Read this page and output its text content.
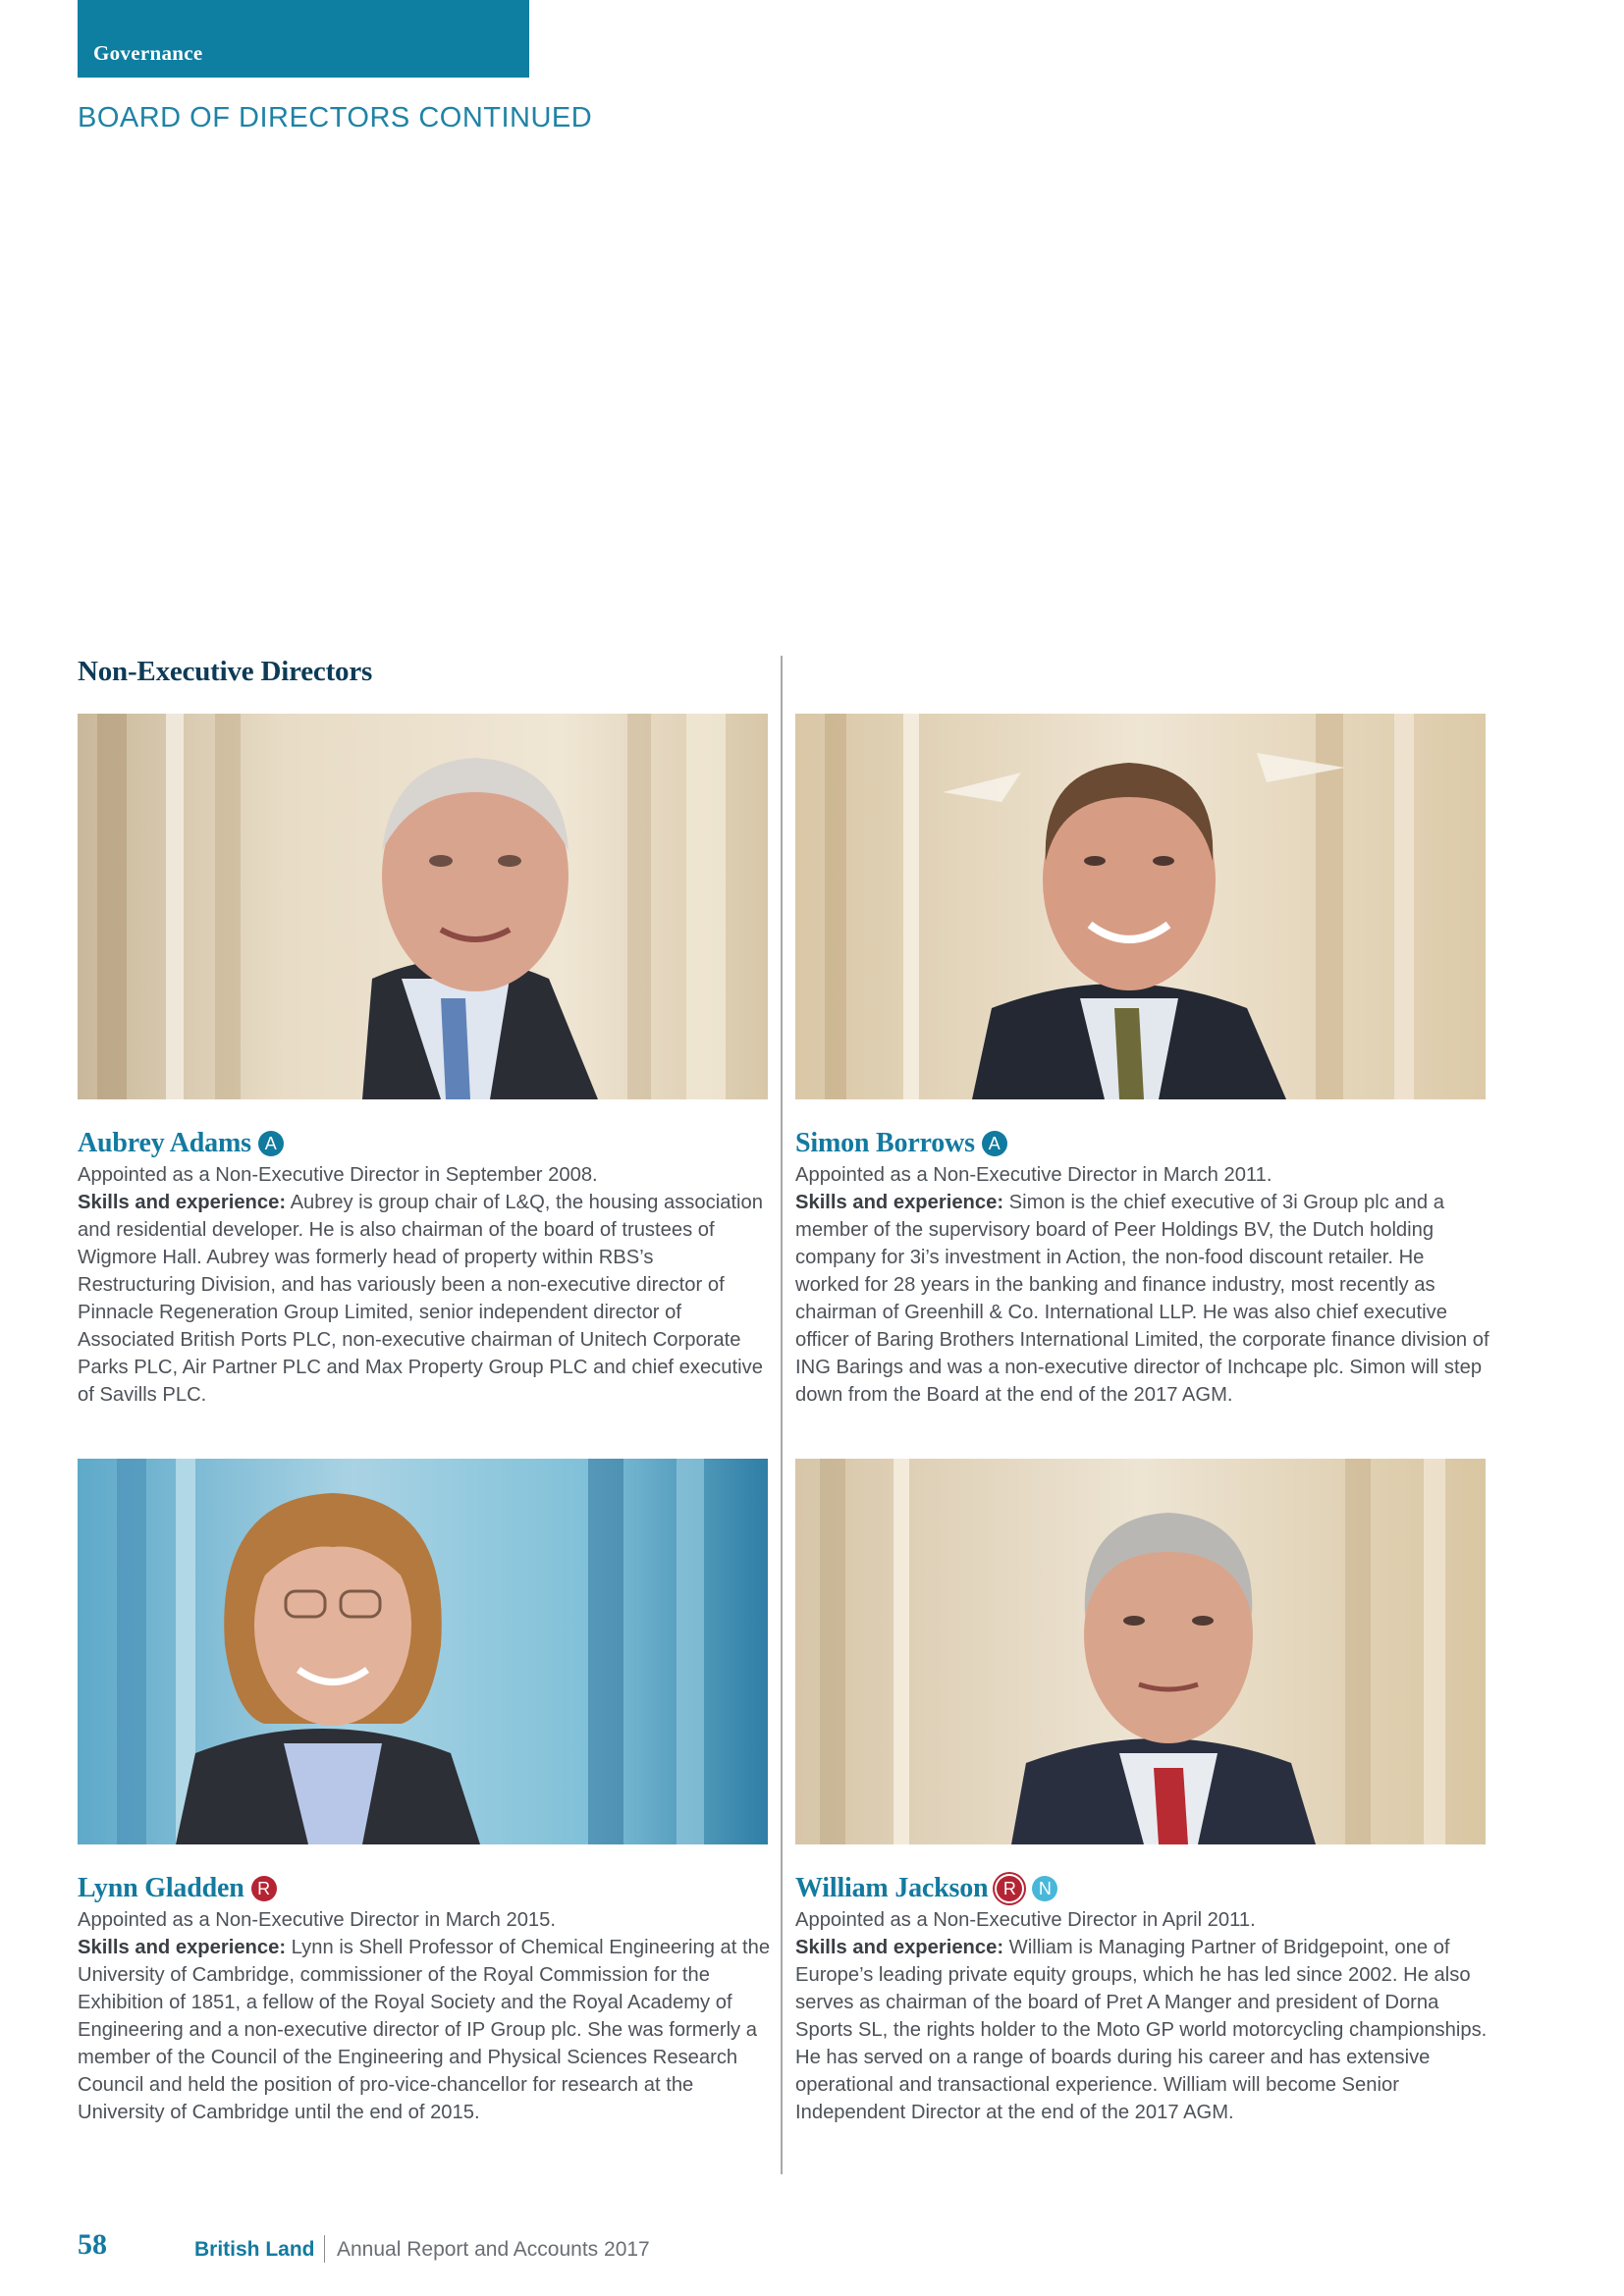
Governance
BOARD OF DIRECTORS CONTINUED
Non-Executive Directors
Aubrey Adams A

Appointed as a Non-Executive Director in September 2008.
Skills and experience: Aubrey is group chair of L&Q, the housing association and residential developer. He is also chairman of the board of trustees of Wigmore Hall. Aubrey was formerly head of property within RBS’s Restructuring Division, and has variously been a non-executive director of Pinnacle Regeneration Group Limited, senior independent director of Associated British Ports PLC, non-executive chairman of Unitech Corporate Parks PLC, Air Partner PLC and Max Property Group PLC and chief executive of Savills PLC.

Simon Borrows A

Appointed as a Non-Executive Director in March 2011.
Skills and experience: Simon is the chief executive of 3i Group plc and a member of the supervisory board of Peer Holdings BV, the Dutch holding company for 3i’s investment in Action, the non-food discount retailer. He worked for 28 years in the banking and finance industry, most recently as chairman of Greenhill & Co. International LLP. He was also chief executive officer of Baring Brothers International Limited, the corporate finance division of ING Barings and was a non-executive director of Inchcape plc. Simon will step down from the Board at the end of the 2017 AGM.

Lynn Gladden R

Appointed as a Non-Executive Director in March 2015.
Skills and experience: Lynn is Shell Professor of Chemical Engineering at the University of Cambridge, commissioner of the Royal Commission for the Exhibition of 1851, a fellow of the Royal Society and the Royal Academy of Engineering and a non-executive director of IP Group plc. She was formerly a member of the Council of the Engineering and Physical Sciences Research Council and held the position of pro-vice-chancellor for research at the University of Cambridge until the end of 2015.

William Jackson R	N

Appointed as a Non-Executive Director in April 2011.
Skills and experience: William is Managing Partner of Bridgepoint, one of Europe’s leading private equity groups, which he has led since 2002. He also serves as chairman of the board of Pret A Manger and president of Dorna Sports SL, the rights holder to the Moto GP world motorcycling championships. He has served on a range of boards during his career and has extensive operational and transactional experience. William will become Senior Independent Director at the end of the 2017 AGM.

58	British Land Annual Report and Accounts 2017
